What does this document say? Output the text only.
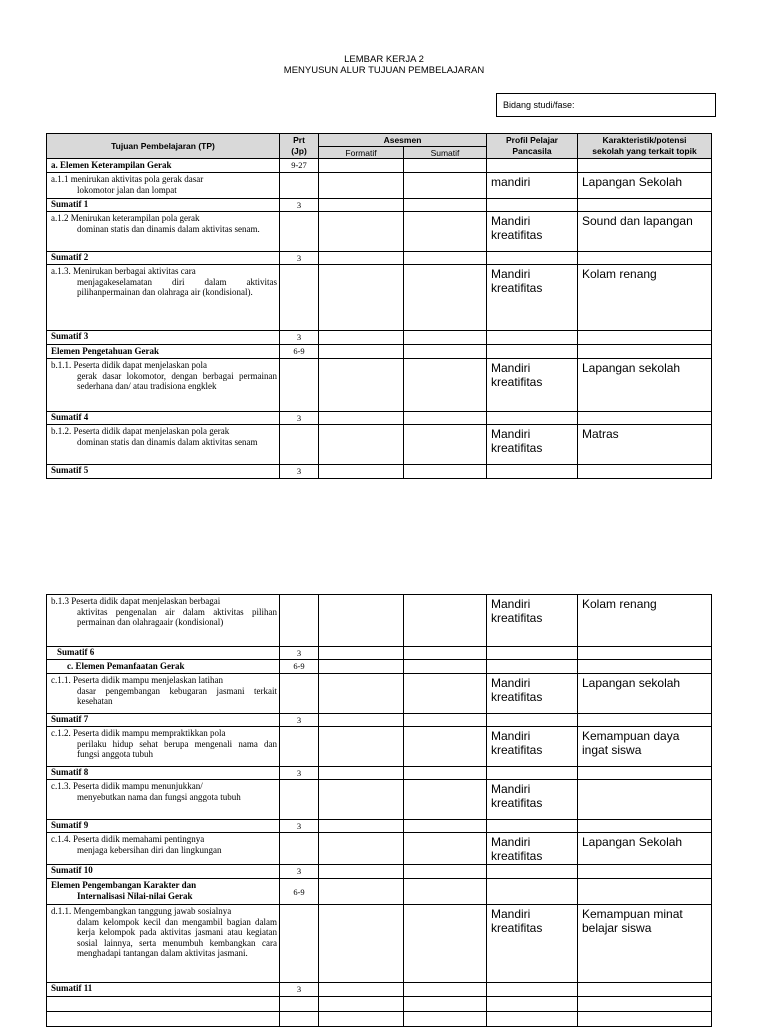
LEMBAR KERJA 2
MENYUSUN ALUR TUJUAN PEMBELAJARAN
Bidang studi/fase:
Tujuan Pembelajaran (TP)	Prt
(Jp)	Asesmen		Profil Pelajar
Pancasila	Karakteristik/potensi
sekolah yang terkait topik
		Formatif	Sumatif		
a. Elemen Keterampilan Gerak	9-27				
a.1.1 menirukan aktivitas pola gerak dasar
lokomotor jalan dan lompat				mandiri	Lapangan Sekolah
Sumatif 1	3				
a.1.2 Menirukan keterampilan pola gerak
dominan statis dan dinamis dalam aktivitas senam.				Mandiri
kreatifitas	Sound dan lapangan
Sumatif 2	3				
a.1.3. Menirukan berbagai aktivitas cara
menjagakeselamatan diri dalam aktivitas pilihanpermainan dan olahraga air (kondisional).				Mandiri
kreatifitas	Kolam renang
Sumatif 3	3				
Elemen Pengetahuan Gerak	6-9				
b.1.1. Peserta didik dapat menjelaskan pola
gerak dasar lokomotor, dengan berbagai permainan sederhana dan/ atau tradisiona engklek				Mandiri
kreatifitas	Lapangan sekolah
Sumatif 4	3				
b.1.2. Peserta didik dapat menjelaskan pola gerak
dominan statis dan dinamis dalam aktivitas senam				Mandiri
kreatifitas	Matras
Sumatif 5	3				
b.1.3 Peserta didik dapat menjelaskan berbagai
aktivitas pengenalan air dalam aktivitas pilihan permainan dan olahragaair (kondisional)				Mandiri
kreatifitas	Kolam renang
Sumatif 6	3				
c. Elemen Pemanfaatan Gerak	6-9				
c.1.1. Peserta didik mampu menjelaskan latihan
dasar pengembangan kebugaran jasmani terkait kesehatan				Mandiri
kreatifitas	Lapangan sekolah
Sumatif 7	3				
c.1.2. Peserta didik mampu mempraktikkan pola
perilaku hidup sehat berupa mengenali nama dan fungsi anggota tubuh				Mandiri
kreatifitas	Kemampuan daya
ingat siswa
Sumatif 8	3				
c.1.3. Peserta didik mampu menunjukkan/
menyebutkan nama dan fungsi anggota tubuh				Mandiri
kreatifitas	
Sumatif 9	3				
c.1.4. Peserta didik memahami pentingnya
menjaga kebersihan diri dan lingkungan				Mandiri
kreatifitas	Lapangan Sekolah
Sumatif 10	3				
Elemen Pengembangan Karakter dan
Internalisasi Nilai-nilai Gerak	6-9				
d.1.1. Mengembangkan tanggung jawab sosialnya
dalam kelompok kecil dan mengambil bagian dalam kerja kelompok pada aktivitas jasmani atau kegiatan sosial lainnya, serta menumbuh kembangkan cara menghadapi tantangan dalam aktivitas jasmani.				Mandiri
kreatifitas	Kemampuan minat
belajar siswa
Sumatif 11	3				
